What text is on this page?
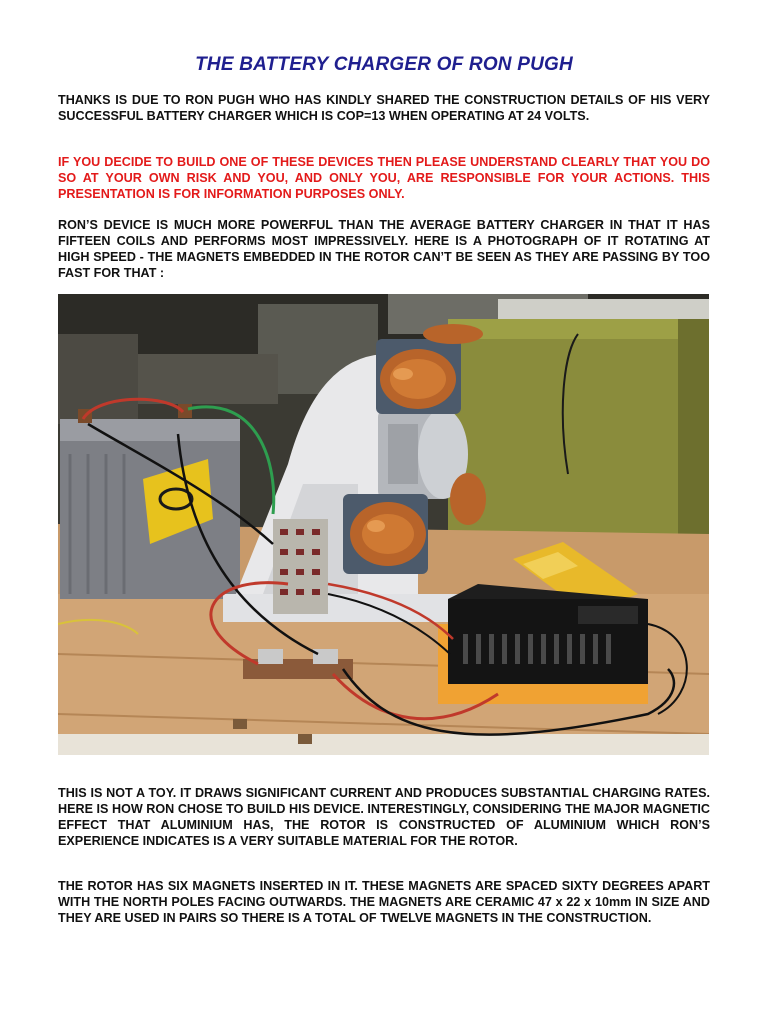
THE BATTERY CHARGER OF RON PUGH

THANKS IS DUE TO RON PUGH WHO HAS KINDLY SHARED THE CONSTRUCTION DETAILS OF HIS VERY SUCCESSFUL BATTERY CHARGER WHICH IS COP=13 WHEN OPERATING AT 24 VOLTS.

IF YOU DECIDE TO BUILD ONE OF THESE DEVICES THEN PLEASE UNDERSTAND CLEARLY THAT YOU DO SO AT YOUR OWN RISK AND YOU, AND ONLY YOU, ARE RESPONSIBLE FOR YOUR ACTIONS. THIS PRESENTATION IS FOR INFORMATION PURPOSES ONLY.

RON’S DEVICE IS MUCH MORE POWERFUL THAN THE AVERAGE BATTERY CHARGER IN THAT IT HAS FIFTEEN COILS AND PERFORMS MOST IMPRESSIVELY. HERE IS A PHOTOGRAPH OF IT ROTATING AT HIGH SPEED - THE MAGNETS EMBEDDED IN THE ROTOR CAN’T BE SEEN AS THEY ARE PASSING BY TOO FAST FOR THAT :

THIS IS NOT A TOY. IT DRAWS SIGNIFICANT CURRENT AND PRODUCES SUBSTANTIAL CHARGING RATES. HERE IS HOW RON CHOSE TO BUILD HIS DEVICE. INTERESTINGLY, CONSIDERING THE MAJOR MAGNETIC EFFECT THAT ALUMINIUM HAS, THE ROTOR IS CONSTRUCTED OF ALUMINIUM WHICH RON’S EXPERIENCE INDICATES IS A VERY SUITABLE MATERIAL FOR THE ROTOR.

THE ROTOR HAS SIX MAGNETS INSERTED IN IT. THESE MAGNETS ARE SPACED SIXTY DEGREES APART WITH THE NORTH POLES FACING OUTWARDS. THE MAGNETS ARE CERAMIC 47 x 22 x 10mm IN SIZE AND THEY ARE USED IN PAIRS SO THERE IS A TOTAL OF TWELVE MAGNETS IN THE CONSTRUCTION.
